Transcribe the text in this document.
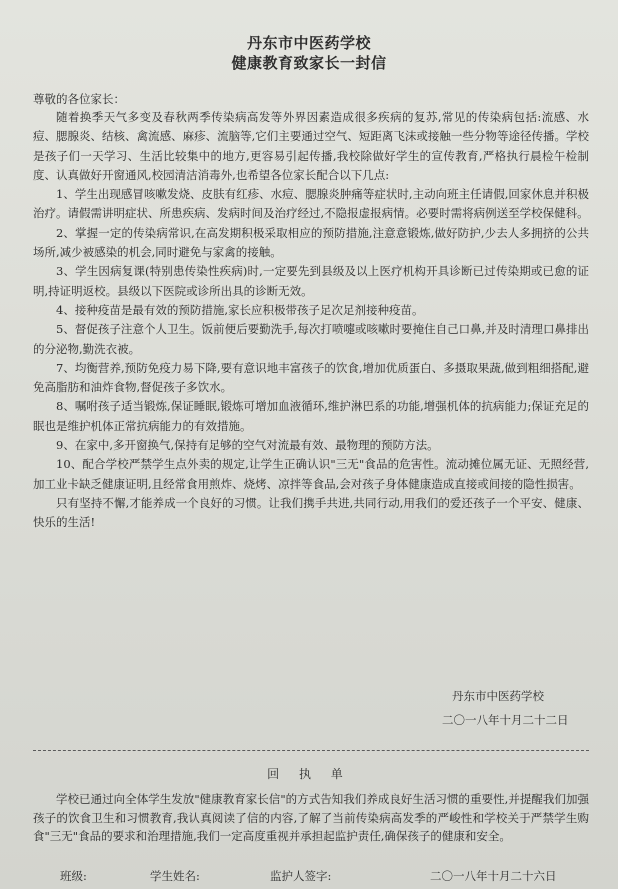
丹东市中医药学校
健康教育致家长一封信
尊敬的各位家长：

随着换季天气多变及春秋两季传染病高发等外界因素造成很多疾病的复苏,常见的传染病包括:流感、水痘、腮腺炎、结核、禽流感、麻疹、流脑等,它们主要通过空气、短距离飞沫或接触一些分物等途径传播。学校是孩子们一天学习、生活比较集中的地方,更容易引起传播,我校除做好学生的宣传教育,严格执行晨检午检制度、认真做好开窗通风,校园清洁消毒外,也希望各位家长配合以下几点:

1、学生出现感冒咳嗽发烧、皮肤有红疹、水痘、腮腺炎肿痛等症状时,主动向班主任请假,回家休息并积极治疗。请假需讲明症状、所患疾病、发病时间及治疗经过,不隐报虚报病情。必要时需将病例送至学校保健科。

2、掌握一定的传染病常识,在高发期积极采取相应的预防措施,注意意锻炼,做好防护,少去人多拥挤的公共场所,减少被感染的机会,同时避免与家禽的接触。

3、学生因病复课(特别患传染性疾病)时,一定要先到县级及以上医疗机构开具诊断已过传染期或已愈的证明,持证明返校。县级以下医院或诊所出具的诊断无效。

4、接种疫苗是最有效的预防措施,家长应积极带孩子足次足剂接种疫苗。

5、督促孩子注意个人卫生。饭前便后要勤洗手,每次打喷嚏或咳嗽时要掩住自己口鼻,并及时清理口鼻排出的分泌物,勤洗衣被。

7、均衡营养,预防免疫力易下降,要有意识地丰富孩子的饮食,增加优质蛋白、多摄取果蔬,做到粗细搭配,避免高脂肪和油炸食物,督促孩子多饮水。

8、嘱咐孩子适当锻炼,保证睡眠,锻炼可增加血液循环,维护淋巴系的功能,增强机体的抗病能力;保证充足的眠也是维护机体正常抗病能力的有效措施。

9、在家中,多开窗换气,保持有足够的空气对流最有效、最物理的预防方法。

10、配合学校严禁学生点外卖的规定,让学生正确认识"三无"食品的危害性。流动摊位属无证、无照经营,加工业卡缺乏健康证明,且经常食用煎炸、烧烤、凉拌等食品,会对孩子身体健康造成直接或间接的隐性损害。

只有坚持不懈,才能养成一个良好的习惯。让我们携手共进,共同行动,用我们的爱还孩子一个平安、健康、快乐的生活!

丹东市中医药学校
二〇一八年十月二十二日
回 执 单

学校已通过向全体学生发放"健康教育家长信"的方式告知我们养成良好生活习惯的重要性,并提醒我们加强孩子的饮食卫生和习惯教育,我认真阅读了信的内容,了解了当前传染病高发季的严峻性和学校关于严禁学生购食"三无"食品的要求和治理措施,我们一定高度重视并承担起监护责任,确保孩子的健康和安全。

班级:	学生姓名:	监护人签字:	二〇一八年十月二十六日
